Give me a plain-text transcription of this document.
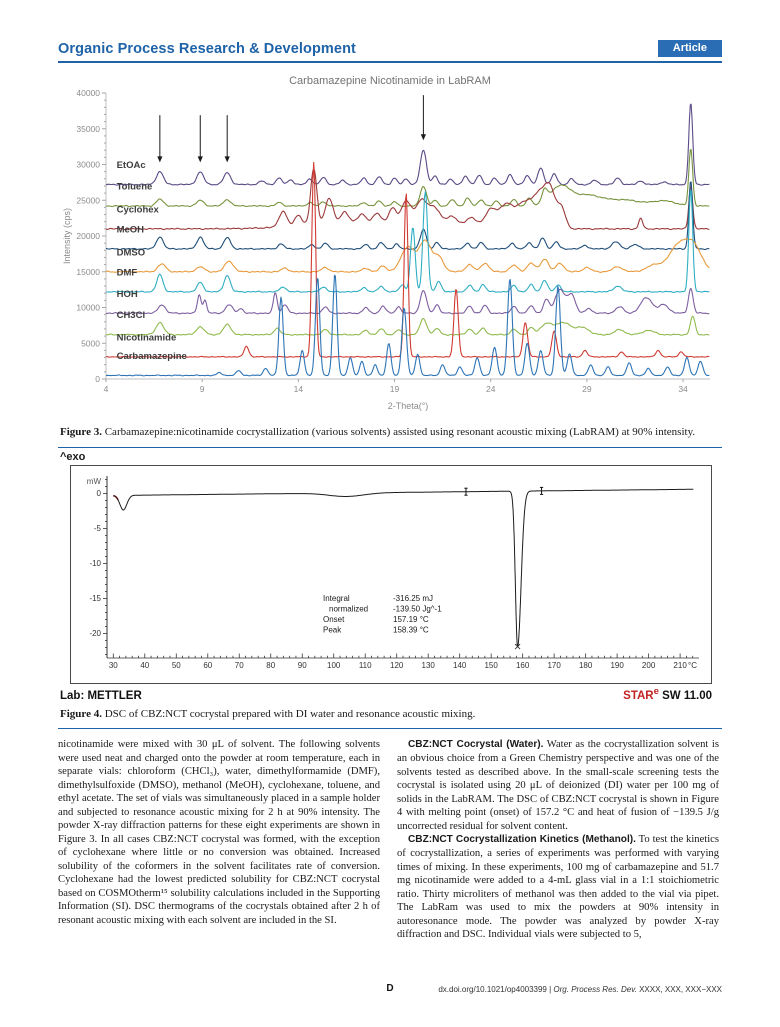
Organic Process Research & Development	Article
Carbamazepine Nicotinamide in LabRAM
0
5000
10000
15000
20000
25000
30000
35000
40000
4	9	14	19	24	29	34
2-Theta(°)
Intensity (cps)
EtOAc
Toluene
Cyclohex
MeOH
DMSO
DMF
HOH
CH3Cl
Nicotinamide
Carbamazepine
Figure 3. Carbamazepine:nicotinamide cocrystallization (various solvents) assisted using resonant acoustic mixing (LabRAM) at 90% intensity.
^exo
0
-5
-10
-15
-20
mW
30	40	50	60	70	80	90	100 110 120 130 140 150 160 170 180 190 200 210 °C
Integral	-316.25 mJ
normalized	-139.50 Jg^-1
Onset	157.19 °C
Peak	158.39 °C
Lab: METTLER	STAR$^e$ SW 11.00
Figure 4. DSC of CBZ:NCT cocrystal prepared with DI water and resonance acoustic mixing.

nicotinamide were mixed with 30 μL of solvent. The following solvents were used neat and charged onto the powder at room temperature, each in separate vials: chloroform (CHCl₃), water, dimethylformamide (DMF), dimethylsulfoxide (DMSO), methanol (MeOH), cyclohexane, toluene, and ethyl acetate. The set of vials was simultaneously placed in a sample holder and subjected to resonance acoustic mixing for 2 h at 90% intensity. The powder X-ray diffraction patterns for these eight experiments are shown in Figure 3. In all cases CBZ:NCT cocrystal was formed, with the exception of cyclohexane where little or no conversion was obtained. Increased solubility of the coformers in the solvent facilitates rate of conversion. Cyclohexane had the lowest predicted solubility for CBZ:NCT cocrystal based on COSMOtherm¹⁵ solubility calculations included in the Supporting Information (SI). DSC thermograms of the cocrystals obtained after 2 h of resonant acoustic mixing with each solvent are included in the SI.

CBZ:NCT Cocrystal (Water). Water as the cocrystallization solvent is an obvious choice from a Green Chemistry perspective and was one of the solvents tested as described above. In the small-scale screening tests the cocrystal is isolated using 20 μL of deionized (DI) water per 100 mg of solids in the LabRAM. The DSC of CBZ:NCT cocrystal is shown in Figure 4 with melting point (onset) of 157.2 °C and heat of fusion of −139.5 J/g uncorrected residual for solvent content.

CBZ:NCT Cocrystallization Kinetics (Methanol). To test the kinetics of cocrystallization, a series of experiments was performed with varying times of mixing. In these experiments, 100 mg of carbamazepine and 51.7 mg nicotinamide were added to a 4-mL glass vial in a 1:1 stoichiometric ratio. Thirty microliters of methanol was then added to the vial via pipet. The LabRam was used to mix the powders at 90% intensity in autoresonance mode. The powder was analyzed by powder X-ray diffraction and DSC. Individual vials were subjected to 5,

D	dx.doi.org/10.1021/op4003399 | Org. Process Res. Dev. XXXX, XXX, XXX−XXX
